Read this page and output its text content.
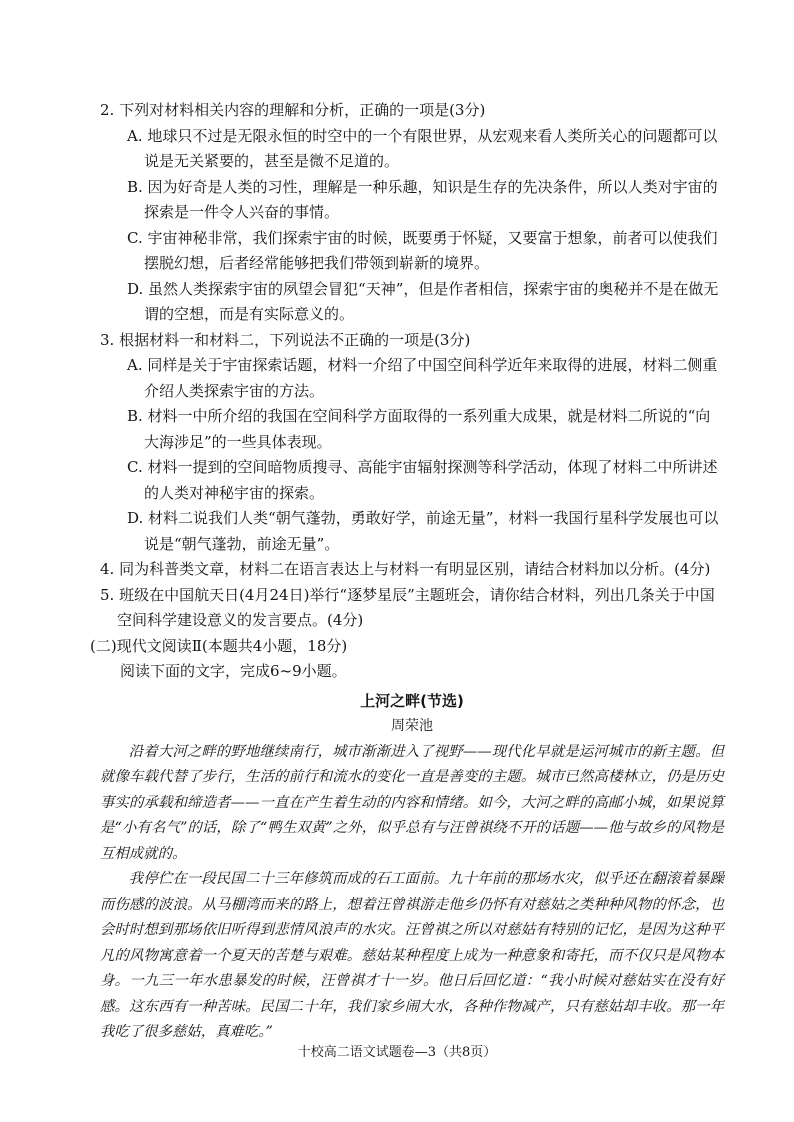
2. 下列对材料相关内容的理解和分析，正确的一项是(3分)

A. 地球只不过是无限永恒的时空中的一个有限世界，从宏观来看人类所关心的问题都可以说是无关紧要的，甚至是微不足道的。

B. 因为好奇是人类的习性，理解是一种乐趣，知识是生存的先决条件，所以人类对宇宙的探索是一件令人兴奋的事情。

C. 宇宙神秘非常，我们探索宇宙的时候，既要勇于怀疑，又要富于想象，前者可以使我们摆脱幻想，后者经常能够把我们带领到崭新的境界。

D. 虽然人类探索宇宙的夙望会冒犯“天神”，但是作者相信，探索宇宙的奥秘并不是在做无谓的空想，而是有实际意义的。

3. 根据材料一和材料二，下列说法不正确的一项是(3分)

A. 同样是关于宇宙探索话题，材料一介绍了中国空间科学近年来取得的进展，材料二侧重介绍人类探索宇宙的方法。

B. 材料一中所介绍的我国在空间科学方面取得的一系列重大成果，就是材料二所说的“向大海涉足”的一些具体表现。

C. 材料一提到的空间暗物质搜寻、高能宇宙辐射探测等科学活动，体现了材料二中所讲述的人类对神秘宇宙的探索。

D. 材料二说我们人类“朝气蓬勃，勇敢好学，前途无量”，材料一我国行星科学发展也可以说是“朝气蓬勃，前途无量”。

4. 同为科普类文章，材料二在语言表达上与材料一有明显区别，请结合材料加以分析。(4分)

5. 班级在中国航天日(4月24日)举行“逐梦星辰”主题班会，请你结合材料，列出几条关于中国空间科学建设意义的发言要点。(4分)

(二)现代文阅读Ⅱ(本题共4小题，18分)

阅读下面的文字，完成6~9小题。

上河之畔(节选)

周荣池

沿着大河之畔的野地继续南行，城市渐渐进入了视野——现代化早就是运河城市的新主题。但就像车载代替了步行，生活的前行和流水的变化一直是善变的主题。城市已然高楼林立，仍是历史事实的承载和缔造者——一直在产生着生动的内容和情绪。如今，大河之畔的高邮小城，如果说算是“小有名气”的话，除了“鸭生双黄”之外，似乎总有与汪曾祺绕不开的话题——他与故乡的风物是互相成就的。

我停伫在一段民国二十三年修筑而成的石工面前。九十年前的那场水灾，似乎还在翻滚着暴躁而伤感的波浪。从马棚湾而来的路上，想着汪曾祺游走他乡仍怀有对慈姑之类种种风物的怀念，也会时时想到那场依旧听得到悲情风浪声的水灾。汪曾祺之所以对慈姑有特别的记忆，是因为这种平凡的风物寓意着一个夏天的苦楚与艰难。慈姑某种程度上成为一种意象和寄托，而不仅只是风物本身。一九三一年水患暴发的时候，汪曾祺才十一岁。他日后回忆道：“我小时候对慈姑实在没有好感。这东西有一种苦味。民国二十年，我们家乡闹大水，各种作物减产，只有慈姑却丰收。那一年我吃了很多慈姑，真难吃。”

十校高二语文试题卷—3（共8页）
